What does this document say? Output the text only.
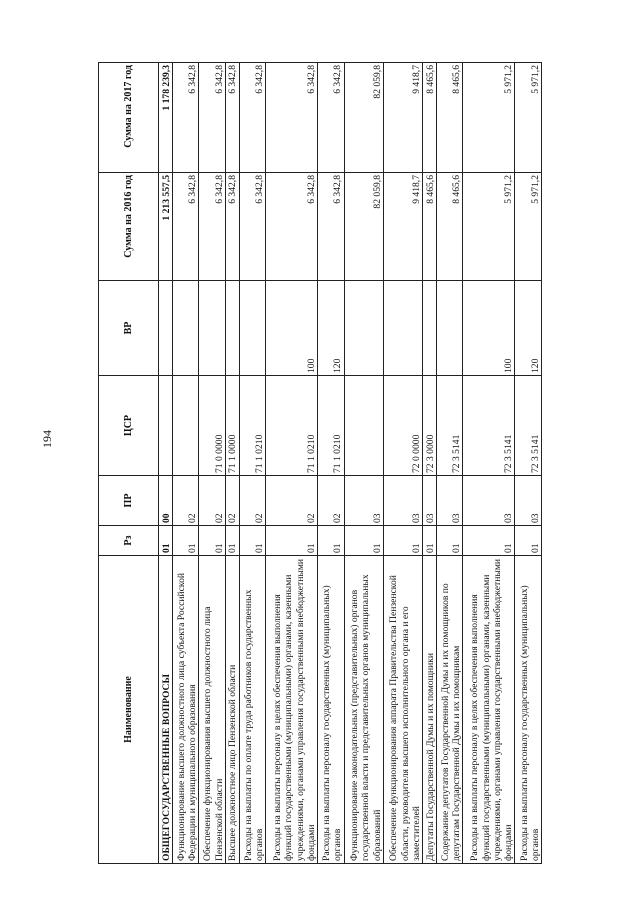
194
Наименование	Рз	ПР	ЦСР	ВР	Сумма на 2016 год	Сумма на 2017 год
ОБЩЕГОСУДАРСТВЕННЫЕ ВОПРОСЫ	01	00			1 213 557,5	1 178 239,3
Функционирование высшего должностного лица субъекта Российской Федерации и муниципального образования	01	02			6 342,8	6 342,8
Обеспечение функционирования высшего должностного лица Пензенской области	01	02	71 0 0000		6 342,8	6 342,8
Высшее должностное лицо Пензенской области	01	02	71 1 0000		6 342,8	6 342,8
Расходы на выплаты по оплате труда работников государственных органов	01	02	71 1 0210		6 342,8	6 342,8
Расходы на выплаты персоналу в целях обеспечения выполнения функций государственными (муниципальными) органами, казенными учреждениями, органами управления государственными внебюджетными фондами	01	02	71 1 0210	100	6 342,8	6 342,8
Расходы на выплаты персоналу государственных (муниципальных) органов	01	02	71 1 0210	120	6 342,8	6 342,8
Функционирование законодательных (представительных) органов государственной власти и представительных органов муниципальных образований	01	03			82 059,8	82 059,8
Обеспечение функционирования аппарата Правительства Пензенской области, руководителя высшего исполнительного органа и его заместителей	01	03	72 0 0000		9 418,7	9 418,7
Депутаты Государственной Думы и их помощники	01	03	72 3 0000		8 465,6	8 465,6
Содержание депутатов Государственной Думы и их помощников по депутатам Государственной Думы и их помощникам	01	03	72 3 5141		8 465,6	8 465,6
Расходы на выплаты персоналу в целях обеспечения выполнения функций государственными (муниципальными) органами, казенными учреждениями, органами управления государственными внебюджетными фондами	01	03	72 3 5141	100	5 971,2	5 971,2
Расходы на выплаты персоналу государственных (муниципальных) органов	01	03	72 3 5141	120	5 971,2	5 971,2
